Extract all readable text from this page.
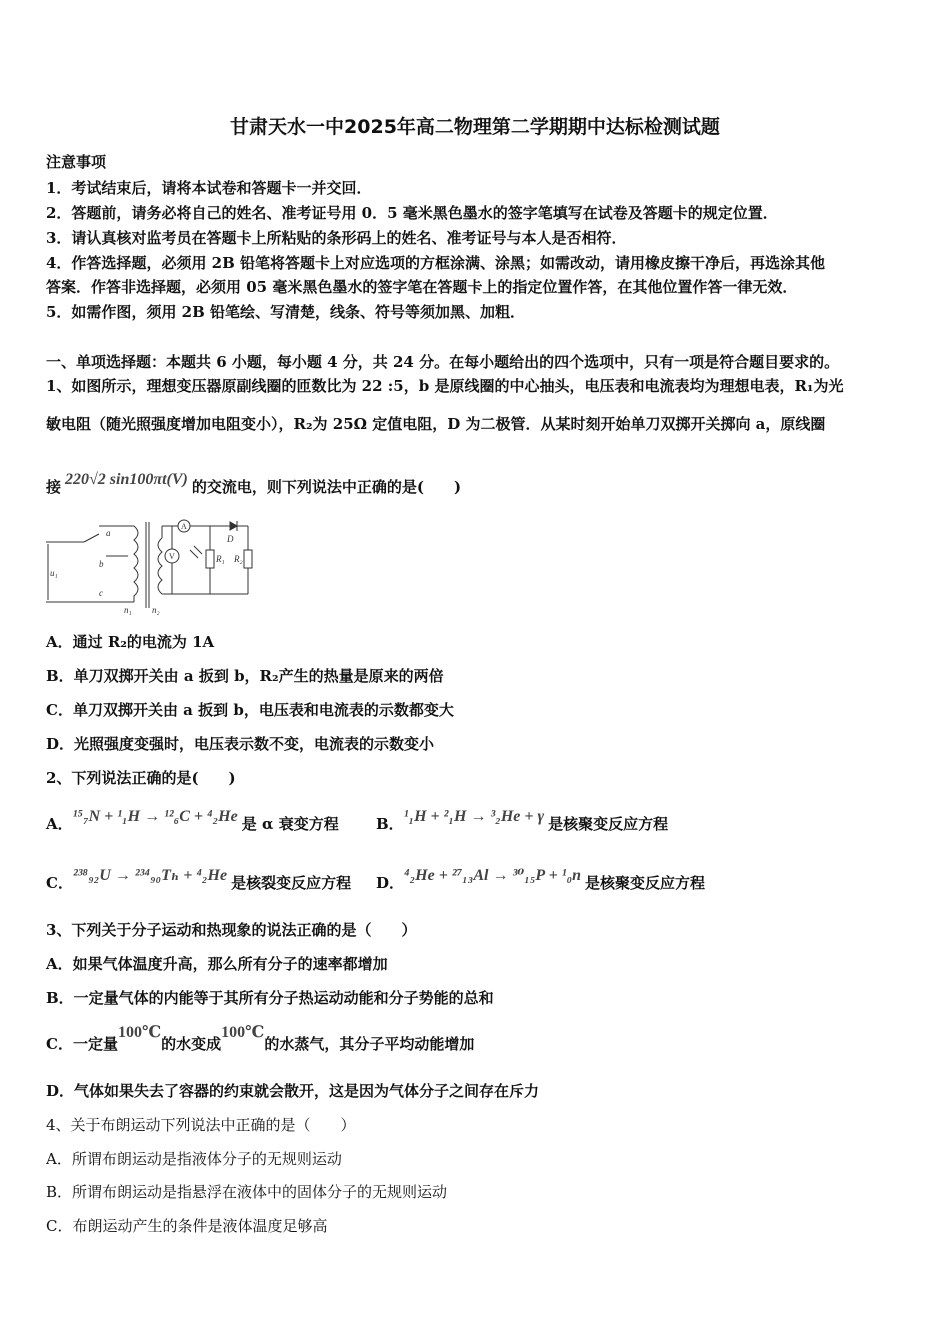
甘肃天水一中2025年高二物理第二学期期中达标检测试题
注意事项
1．考试结束后，请将本试卷和答题卡一并交回．
2．答题前，请务必将自己的姓名、准考证号用 0．5 毫米黑色墨水的签字笔填写在试卷及答题卡的规定位置．
3．请认真核对监考员在答题卡上所粘贴的条形码上的姓名、准考证号与本人是否相符．
4．作答选择题，必须用 2B 铅笔将答题卡上对应选项的方框涂满、涂黑；如需改动，请用橡皮擦干净后，再选涂其他
答案．作答非选择题，必须用 05 毫米黑色墨水的签字笔在答题卡上的指定位置作答，在其他位置作答一律无效．
5．如需作图，须用 2B 铅笔绘、写清楚，线条、符号等须加黑、加粗．
一、单项选择题：本题共 6 小题，每小题 4 分，共 24 分。在每小题给出的四个选项中，只有一项是符合题目要求的。
1、如图所示，理想变压器原副线圈的匝数比为 22 :5，b 是原线圈的中心抽头，电压表和电流表均为理想电表，R₁为光
敏电阻（随光照强度增加电阻变小），R₂为 25Ω 定值电阻，D 为二极管．从某时刻开始单刀双掷开关掷向 a，原线圈
接 220√2 sin100πt(V) 的交流电，则下列说法中正确的是(　　)
a
b
c
u₁
n₁ n₂
A
V
D
R₁ R₂
A．通过 R₂的电流为 1A
B．单刀双掷开关由 a 扳到 b，R₂产生的热量是原来的两倍
C．单刀双掷开关由 a 扳到 b，电压表和电流表的示数都变大
D．光照强度变强时，电压表示数不变，电流表的示数变小
2、下列说法正确的是(　　)
A．¹⁵₇N + ¹₁H → ¹²₆C + ⁴₂He 是 α 衰变方程 B．¹₁H + ²₁H → ³₂He + γ 是核聚变反应方程
C．²³⁸₉₂U → ²³⁴₉₀Tₕ + ⁴₂He 是核裂变反应方程 D．⁴₂He + ²⁷₁₃Al → ³⁰₁₅P + ¹₀n 是核聚变反应方程
3、下列关于分子运动和热现象的说法正确的是（　　）
A．如果气体温度升高，那么所有分子的速率都增加
B．一定量气体的内能等于其所有分子热运动动能和分子势能的总和
C．一定量100℃的水变成100℃的水蒸气，其分子平均动能增加
D．气体如果失去了容器的约束就会散开，这是因为气体分子之间存在斥力
4、关于布朗运动下列说法中正确的是（　　）
A．所谓布朗运动是指液体分子的无规则运动
B．所谓布朗运动是指悬浮在液体中的固体分子的无规则运动
C．布朗运动产生的条件是液体温度足够高
